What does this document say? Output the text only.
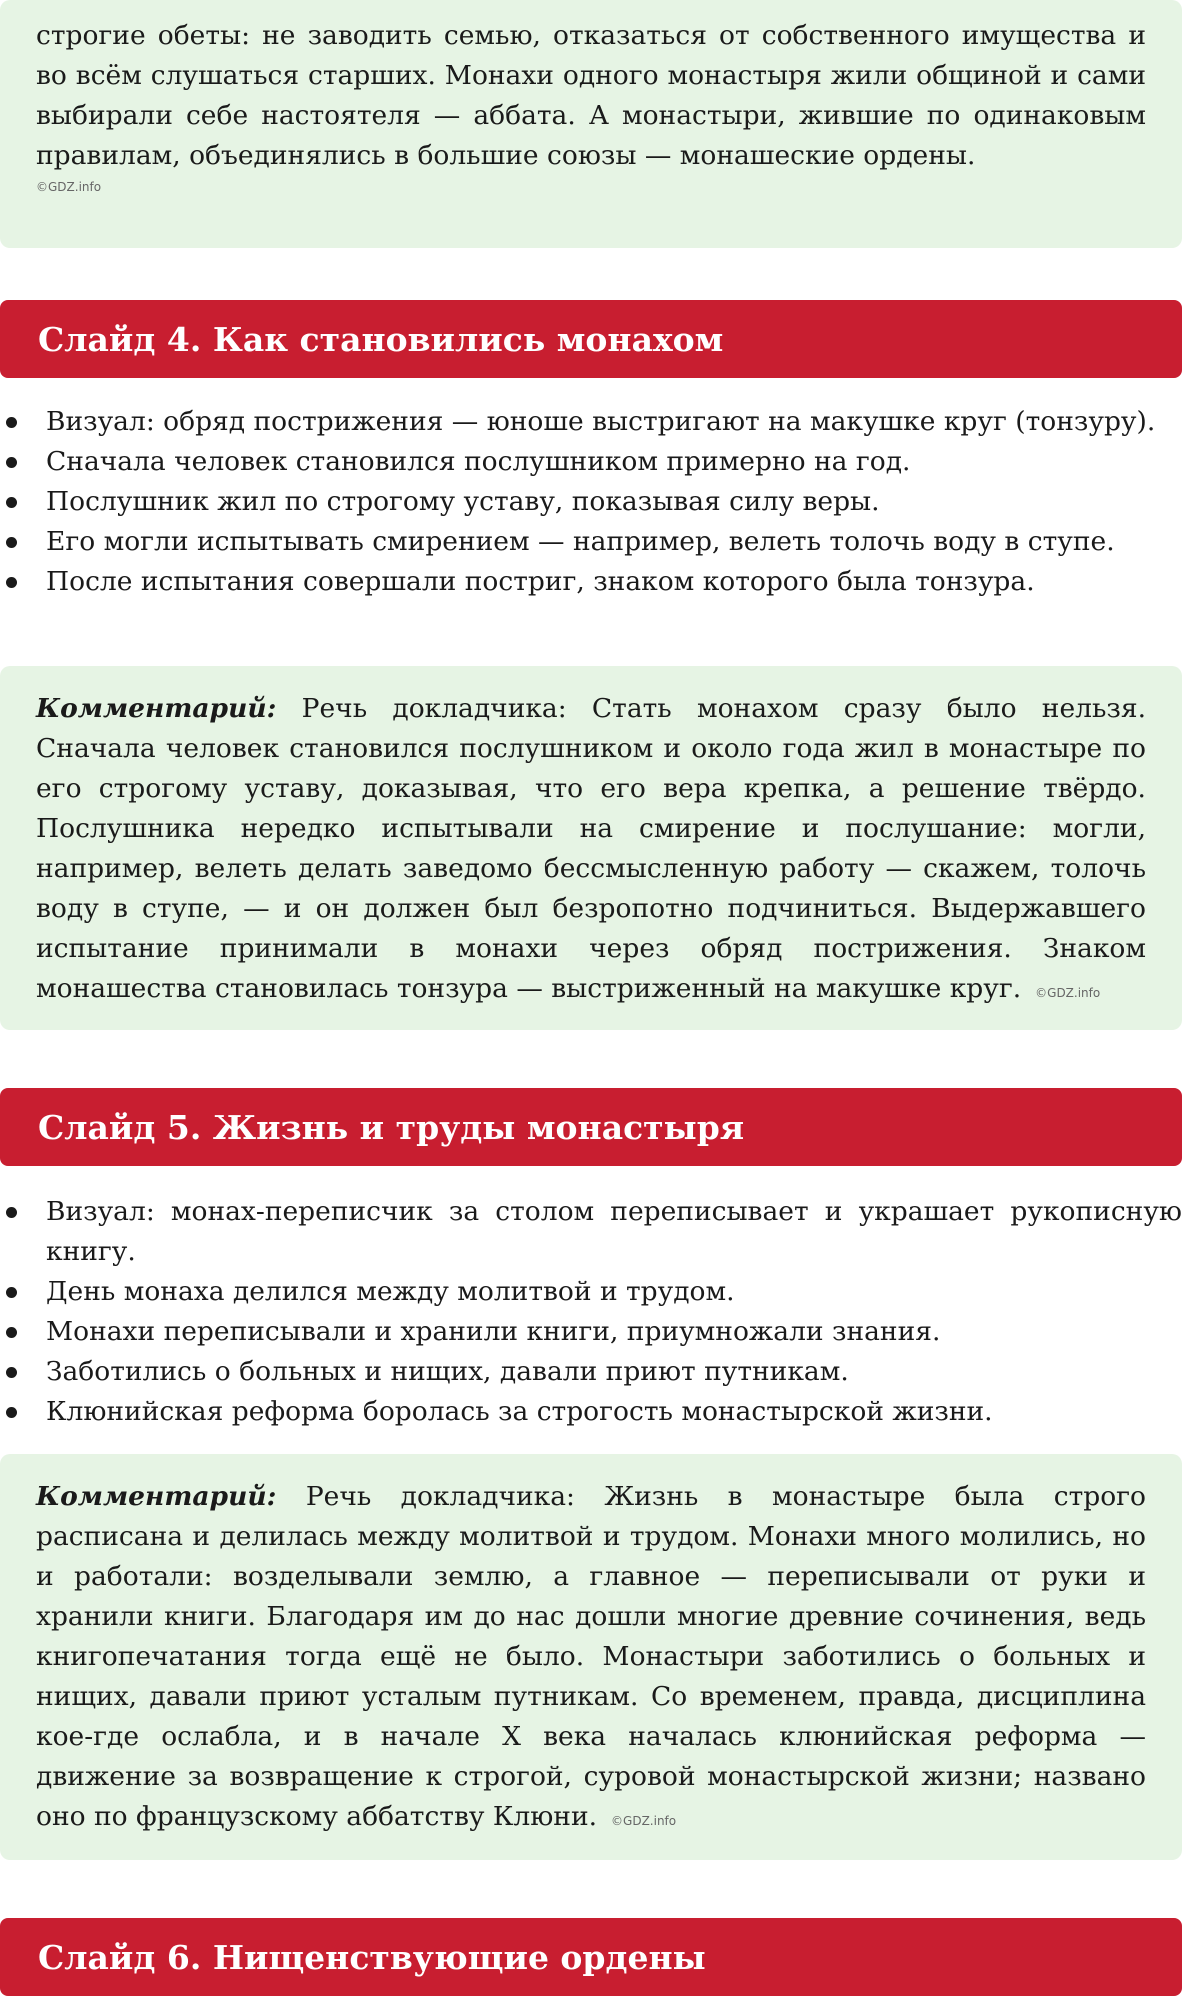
строгие обеты: не заводить семью, отказаться от собственного имущества и во всём слушаться старших. Монахи одного монастыря жили общиной и сами выбирали себе настоятеля — аббата. А монастыри, жившие по одинаковым правилам, объединялись в большие союзы — монашеские ордены.

©GDZ.info
Слайд 4. Как становились монахом
Визуал: обряд пострижения — юноше выстригают на макушке круг (тонзуру).
Сначала человек становился послушником примерно на год.
Послушник жил по строгому уставу, показывая силу веры.
Его могли испытывать смирением — например, велеть толочь воду в ступе.
После испытания совершали постриг, знаком которого была тонзура.

Комментарий: Речь докладчика: Стать монахом сразу было нельзя. Сначала человек становился послушником и около года жил в монастыре по его строгому уставу, доказывая, что его вера крепка, а решение твёрдо. Послушника нередко испытывали на смирение и послушание: могли, например, велеть делать заведомо бессмысленную работу — скажем, толочь воду в ступе, — и он должен был безропотно подчиниться. Выдержавшего испытание принимали в монахи через обряд пострижения. Знаком монашества становилась тонзура — выстриженный на макушке круг. ©GDZ.info

Слайд 5. Жизнь и труды монастыря
Визуал: монах-переписчик за столом переписывает и украшает рукописную книгу.
День монаха делился между молитвой и трудом.
Монахи переписывали и хранили книги, приумножали знания.
Заботились о больных и нищих, давали приют путникам.
Клюнийская реформа боролась за строгость монастырской жизни.

Комментарий: Речь докладчика: Жизнь в монастыре была строго расписана и делилась между молитвой и трудом. Монахи много молились, но и работали: возделывали землю, а главное — переписывали от руки и хранили книги. Благодаря им до нас дошли многие древние сочинения, ведь книгопечатания тогда ещё не было. Монастыри заботились о больных и нищих, давали приют усталым путникам. Со временем, правда, дисциплина кое-где ослабла, и в начале X века началась клюнийская реформа — движение за возвращение к строгой, суровой монастырской жизни; названо оно по французскому аббатству Клюни. ©GDZ.info

Слайд 6. Нищенствующие ордены
